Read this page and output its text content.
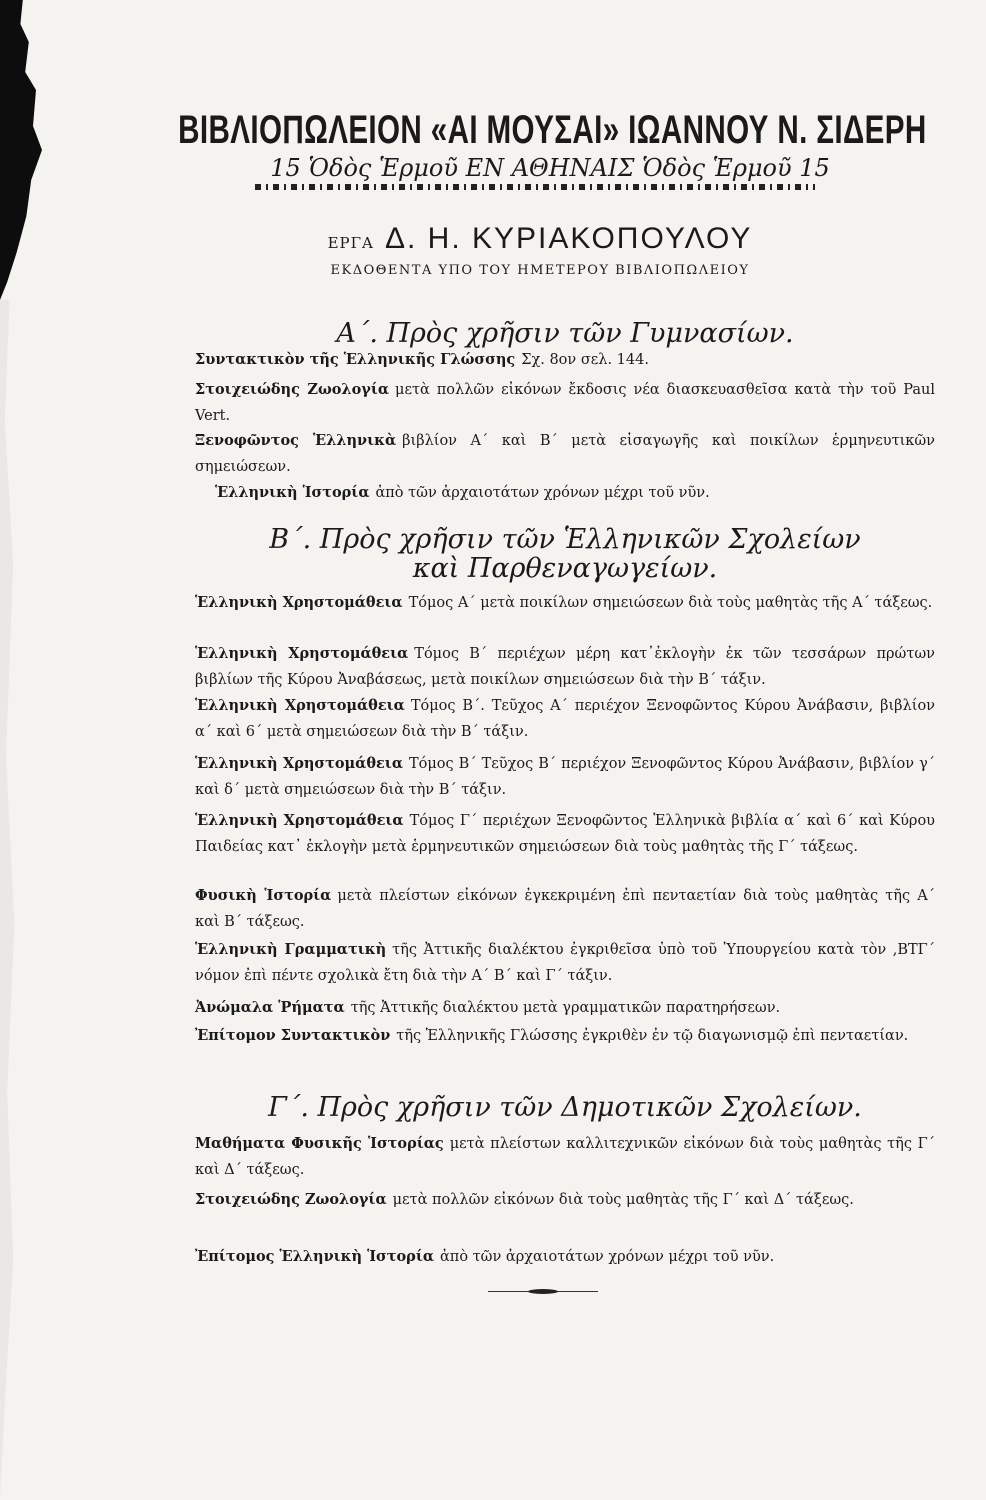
ΒΙΒΛΙΟΠΩΛΕΙΟΝ «ΑΙ ΜΟΥΣΑΙ» ΙΩΑΝΝΟΥ Ν. ΣΙΔΕΡΗ
15 Ὁδὸς Ἑρμοῦ ΕΝ ΑΘΗΝΑΙΣ Ὁδὸς Ἑρμοῦ 15
ΕΡΓΑ Δ. Η. ΚΥΡΙΑΚΟΠΟΥΛΟΥ
ΕΚΔΟΘΕΝΤΑ ΥΠΟ ΤΟΥ ΗΜΕΤΕΡΟΥ ΒΙΒΛΙΟΠΩΛΕΙΟΥ
Α΄. Πρὸς χρῆσιν τῶν Γυμνασίων.
Συντακτικὸν τῆς Ἑλληνικῆς Γλώσσης Σχ. 8ον σελ. 144.
Στοιχειώδης Ζωολογία μετὰ πολλῶν εἰκόνων ἔκδοσις νέα διασκευασθεῖσα κατὰ τὴν τοῦ Paul Vert.
Ξενοφῶντος Ἑλληνικὰ βιβλίον Α΄ καὶ Β΄ μετὰ εἰσαγωγῆς καὶ ποικίλων ἑρμηνευτικῶν σημειώσεων.
Ἑλληνικὴ Ἱστορία ἀπὸ τῶν ἀρχαιοτάτων χρόνων μέχρι τοῦ νῦν.
Β΄. Πρὸς χρῆσιν τῶν Ἑλληνικῶν Σχολείων
καὶ Παρθεναγωγείων.
Ἑλληνικὴ Χρηστομάθεια Τόμος Α΄ μετὰ ποικίλων σημειώσεων διὰ τοὺς μαθητὰς τῆς Α΄ τάξεως.
Ἑλληνικὴ Χρηστομάθεια Τόμος Β΄ περιέχων μέρη κατ᾽ἐκλογὴν ἐκ τῶν τεσσάρων πρώτων βιβλίων τῆς Κύρου Ἀναβάσεως, μετὰ ποικίλων σημειώσεων διὰ τὴν Β΄ τάξιν.
Ἑλληνικὴ Χρηστομάθεια Τόμος Β΄. Τεῦχος Α΄ περιέχον Ξενοφῶντος Κύρου Ἀνάβασιν, βιβλίον α΄ καὶ 6΄ μετὰ σημειώσεων διὰ τὴν Β΄ τάξιν.
Ἑλληνικὴ Χρηστομάθεια Τόμος Β΄ Τεῦχος Β΄ περιέχον Ξενοφῶντος Κύρου Ἀνάβασιν, βιβλίον γ΄ καὶ δ΄ μετὰ σημειώσεων διὰ τὴν Β΄ τάξιν.
Ἑλληνικὴ Χρηστομάθεια Τόμος Γ΄ περιέχων Ξενοφῶντος Ἑλληνικὰ βιβλία α΄ καὶ 6΄ καὶ Κύρου Παιδείας κατ᾽ ἐκλογὴν μετὰ ἑρμηνευτικῶν σημειώσεων διὰ τοὺς μαθητὰς τῆς Γ΄ τάξεως.
Φυσικὴ Ἱστορία μετὰ πλείστων εἰκόνων ἐγκεκριμένη ἐπὶ πενταετίαν διὰ τοὺς μαθητὰς τῆς Α΄ καὶ Β΄ τάξεως.
Ἑλληνικὴ Γραμματικὴ τῆς Ἀττικῆς διαλέκτου ἐγκριθεῖσα ὑπὸ τοῦ Ὑπουργείου κατὰ τὸν ,ΒΤΓ΄ νόμον ἐπὶ πέντε σχολικὰ ἔτη διὰ τὴν Α΄ Β΄ καὶ Γ΄ τάξιν.
Ἀνώμαλα Ῥήματα τῆς Ἀττικῆς διαλέκτου μετὰ γραμματικῶν παρατηρήσεων.
Ἐπίτομον Συντακτικὸν τῆς Ἑλληνικῆς Γλώσσης ἐγκριθὲν ἐν τῷ διαγωνισμῷ ἐπὶ πενταετίαν.
Γ΄. Πρὸς χρῆσιν τῶν Δημοτικῶν Σχολείων.
Μαθήματα Φυσικῆς Ἱστορίας μετὰ πλείστων καλλιτεχνικῶν εἰκόνων διὰ τοὺς μαθητὰς τῆς Γ΄ καὶ Δ΄ τάξεως.
Στοιχειώδης Ζωολογία μετὰ πολλῶν εἰκόνων διὰ τοὺς μαθητὰς τῆς Γ΄ καὶ Δ΄ τάξεως.
Ἐπίτομος Ἑλληνικὴ Ἱστορία ἀπὸ τῶν ἀρχαιοτάτων χρόνων μέχρι τοῦ νῦν.
